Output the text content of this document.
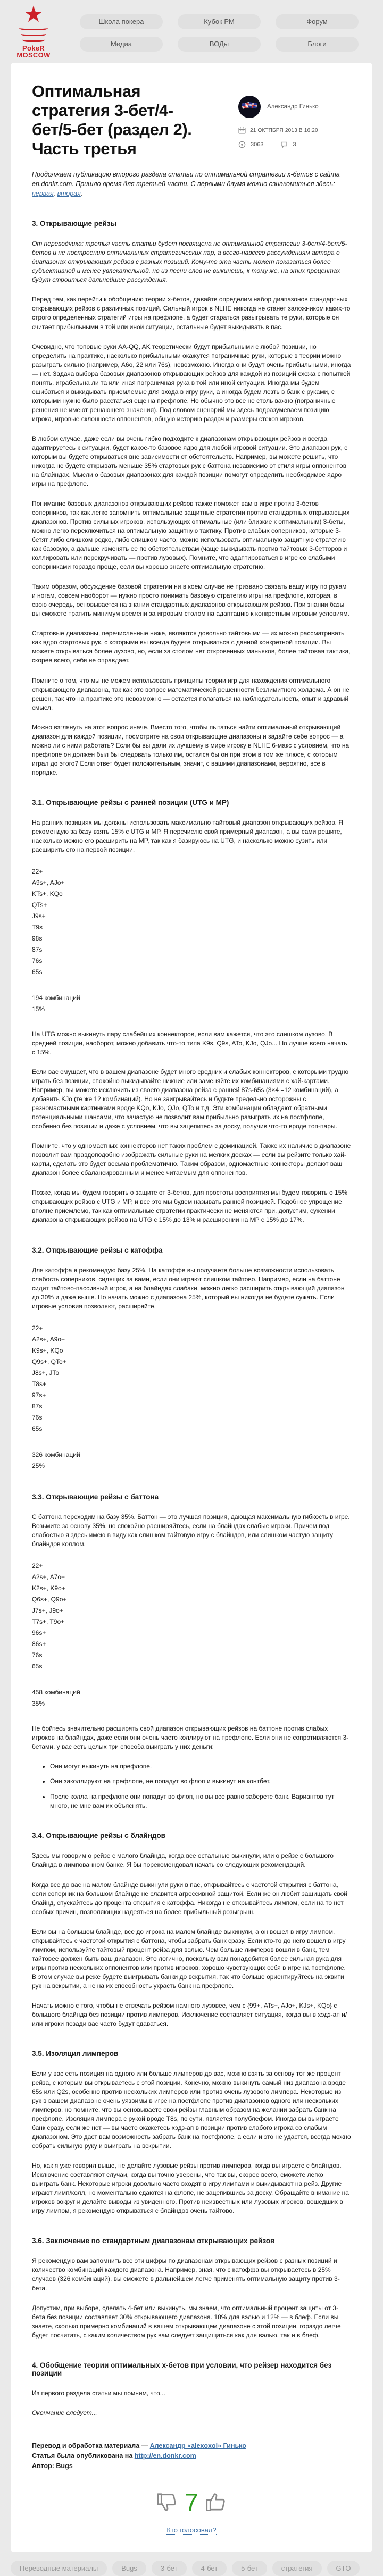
★
PokeR
MOSCOW
Школа покера	Кубок РМ	Форум
Медиа	ВОДы	Блоги
Оптимальная стратегия 3-бет/4-бет/5-бет (раздел 2). Часть третья
Александр Гинько
21 ОКТЯБРЯ 2013 В 16:20
3063	3

Продолжаем публикацию второго раздела статьи по оптимальной стратегии x-бетов с сайта en.donkr.com. Пришло время для третьей части. С первыми двумя можно ознакомиться здесь: первая, вторая.

3. Открывающие рейзы

От переводчика: третья часть статьи будет посвящена не оптимальной стратегии 3-бет/4-бет/5-бетов и не построению оптимальных стратегических пар, а всего-навсего рассуждениям автора о диапазонах открывающих рейзов с разных позиций. Кому-то эта часть может показаться более субъективной и менее увлекательной, но из песни слов не выкинешь, к тому же, на этих процентах будут строиться дальнейшие рассуждения.

Перед тем, как перейти к обобщению теории x-бетов, давайте определим набор диапазонов стандартных открывающих рейзов с различных позиций. Сильный игрок в NLHE никогда не станет заложником каких-то строго определенных стратегий игры на префлопе, а будет стараться разыгрывать те руки, которые он считает прибыльными в той или иной ситуации, остальные будет выкидывать в пас.

Очевидно, что топовые руки AA-QQ, AK теоретически будут прибыльными с любой позиции, но определить на практике, насколько прибыльными окажутся пограничные руки, которые в теории можно разыграть сильно (например, A6o, 22 или 76s), невозможно. Иногда они будут очень прибыльными, иногда — нет. Задача выбора базовых диапазонов открывающих рейзов для каждой из позиций схожа с попыткой понять, играбельна ли та или иная пограничная рука в той или иной ситуации. Иногда мы будем ошибаться и выкидывать приемлемые для входа в игру руки, а иногда будем лезть в банк с руками, с которыми нужно было расстаться еще на префлопе. Но обычно это все не столь важно (пограничные решения не имеют решающего значения). Под словом сценарий мы здесь подразумеваем позицию игрока, игровые склонности оппонентов, общую историю раздач и размеры стеков игроков.

В любом случае, даже если вы очень гибко подходите к диапазонам открывающих рейзов и всегда адаптируетесь к ситуации, будет какое-то базовое ядро для любой игровой ситуации. Это диапазон рук, с которым вы будете открываться вне зависимости от обстоятельств. Например, вы можете решить, что никогда не будете открывать меньше 35% стартовых рук с баттона независимо от стиля игры оппонентов на блайндах. Мысли о базовых диапазонах для каждой позиции помогут определить необходимое ядро игры на префлопе.

Понимание базовых диапазонов открывающих рейзов также поможет вам в игре против 3-бетов соперников, так как легко запомнить оптимальные защитные стратегии против стандартных открывающих диапазонов. Против сильных игроков, использующих оптимальные (или близкие к оптимальным) 3-беты, можно легко переключиться на оптимальную защитную тактику. Против слабых соперников, которые 3-бетят либо слишком редко, либо слишком часто, можно использовать оптимальную защитную стратегию как базовую, а дальше изменять ее по обстоятельствам (чаще выкидывать против тайтовых 3-бетторов и коллировать или перекручивать — против лузовых). Помните, что адаптироваться в игре со слабыми соперниками гораздо проще, если вы хорошо знаете оптимальную стратегию.

Таким образом, обсуждение базовой стратегии ни в коем случае не призвано связать вашу игру по рукам и ногам, совсем наоборот — нужно просто понимать базовую стратегию игры на префлопе, которая, в свою очередь, основывается на знании стандартных диапазонов открывающих рейзов. При знании базы вы сможете тратить минимум времени за игровым столом на адаптацию к конкретным игровым условиям.

Стартовые диапазоны, перечисленные ниже, являются довольно тайтовыми — их можно рассматривать как ядро стартовых рук, с которыми вы всегда будете открываться с данной конкретной позиции. Вы можете открываться более лузово, но, если за столом нет откровенных маньяков, более тайтовая тактика, скорее всего, себя не оправдает.

Помните о том, что мы не можем использовать принципы теории игр для нахождения оптимального открывающего диапазона, так как это вопрос математической решенности безлимитного холдема. А он не решен, так что на практике это невозможно — остается полагаться на наблюдательность, опыт и здравый смысл.

Можно взглянуть на этот вопрос иначе. Вместо того, чтобы пытаться найти оптимальный открывающий диапазон для каждой позиции, посмотрите на свои открывающие диапазоны и задайте себе вопрос — а можно ли с ними работать? Если бы вы дали их лучшему в мире игроку в NLHE 6-макс с условием, что на префлопе он должен был бы следовать только им, остался бы он при этом в том же плюсе, с которым играл до этого? Если ответ будет положительным, значит, с вашими диапазонами, вероятно, все в порядке.

3.1. Открывающие рейзы с ранней позиции (UTG и MP)

На ранних позициях мы должны использовать максимально тайтовый диапазон открывающих рейзов. Я рекомендую за базу взять 15% с UTG и MP. Я перечислю свой примерный диапазон, а вы сами решите, насколько можно его расширить на MP, так как я базируюсь на UTG, и насколько можно сузить или расширить его на первой позиции.

22+
A9s+, AJo+
KTs+, KQo
QTs+
J9s+
T9s
98s
87s
76s
65s
194 комбинаций
15%

На UTG можно выкинуть пару слабейших коннекторов, если вам кажется, что это слишком лузово. В средней позиции, наоборот, можно добавить что-то типа K9s, Q9s, ATo, KJo, QJo... Но лучше всего начать с 15%.

Если вас смущает, что в вашем диапазоне будет много средних и слабых коннекторов, с которыми трудно играть без позиции, спокойно выкидывайте нижние или заменяйте их комбинациями с хай-картами. Например, вы можете исключить из своего диапазона рейза с ранней 87s-65s (3×4 =12 комбинаций), а добавить KJo (те же 12 комбинаций). Но не заигрывайтесь и будьте предельно осторожны с разномастными картинками вроде KQo, KJo, QJo, QTo и т.д. Эти комбинации обладают обратными потенциальными шансами, что зачастую не позволит вам прибыльно разыграть их на постфлопе, особенно без позиции и даже с условием, что вы зацепитесь за доску, получив что-то вроде топ-пары.

Помните, что у одномастных коннекторов нет таких проблем с доминацией. Также их наличие в диапазоне позволит вам правдоподобно изображать сильные руки на мелких досках — если вы рейзите только хай-карты, сделать это будет весьма проблематично. Таким образом, одномастные коннекторы делают ваш диапазон более сбалансированным и менее читаемым для оппонентов.

Позже, когда мы будем говорить о защите от 3-бетов, для простоты восприятия мы будем говорить о 15% открывающих рейзов с UTG и MP, и все это мы будем называть ранней позицией. Подобное упрощение вполне приемлемо, так как оптимальные стратегии практически не меняются при, допустим, сужении диапазона открывающих рейзов на UTG с 15% до 13% и расширении на MP с 15% до 17%.

3.2. Открывающие рейзы с катоффа

Для катоффа я рекомендую базу 25%. На катоффе вы получаете больше возможности использовать слабость соперников, сидящих за вами, если они играют слишком тайтово. Например, если на баттоне сидит тайтово-пассивный игрок, а на блайндах слабаки, можно легко расширить открывающий диапазон до 30% и даже выше. Но начать можно с диапазона 25%, который вы никогда не будете сужать. Если игровые условия позволяют, расширяйте.

22+
A2s+, A9o+
K9s+, KQo
Q9s+, QTo+
J8s+, JTo
T8s+
97s+
87s
76s
65s
326 комбинаций
25%
3.3. Открывающие рейзы с баттона

С баттона переходим на базу 35%. Баттон — это лучшая позиция, дающая максимальную гибкость в игре. Возьмите за основу 35%, но спокойно расширяйтесь, если на блайндах слабые игроки. Причем под слабостью я здесь имею в виду как слишком тайтовую игру с блайндов, или слишком частую защиту блайндов коллом.

22+
A2s+, A7o+
K2s+, K9o+
Q6s+, Q9o+
J7s+, J9o+
T7s+, T9o+
96s+
86s+
76s
65s
458 комбинаций
35%

Не бойтесь значительно расширять свой диапазон открывающих рейзов на баттоне против слабых игроков на блайндах, даже если они очень часто коллируют на префлопе. Если они не сопротивляются 3-бетами, у вас есть целых три способа выиграть у них деньги:

• Они могут выкинуть на префлопе.
• Они заколлируют на префлопе, не попадут во флоп и выкинут на контбет.
• После колла на префлопе они попадут во флоп, но вы все равно заберете банк. Вариантов тут много, не мне вам их объяснять.
3.4. Открывающие рейзы с блайндов

Здесь мы говорим о рейзе с малого блайнда, когда все остальные выкинули, или о рейзе с большого блайнда в лимпованном банке. Я бы порекомендовал начать со следующих рекомендаций.

Когда все до вас на малом блайнде выкинули руки в пас, открывайтесь с частотой открытия с баттона, если соперник на большом блайнде не славится агрессивной защитой. Если же он любит защищать свой блайнд, спускайтесь до процента открытия с катоффа. Никогда не открывайтесь лимпом, если на то нет особых причин, позволяющих надеяться на более прибыльный розыгрыш.

Если вы на большом блайнде, все до игрока на малом блайнде выкинули, а он вошел в игру лимпом, открывайтесь с частотой открытия с баттона, чтобы забрать банк сразу. Если кто-то до него вошел в игру лимпом, используйте тайтовый процент рейза для вэлью. Чем больше лимперов вошли в банк, тем тайтовее должен быть ваш диапазон. Это логично, поскольку вам понадобится более сильная рука для игры против нескольких оппонентов или против игроков, хорошо чувствующих себя в игре на постфлопе. В этом случае вы реже будете выигрывать банки до вскрытия, так что больше ориентируйтесь на эквити рук на вскрытии, а не на их способность украсть банк на префлопе.

Начать можно с того, чтобы не отвечать рейзом намного лузовее, чем с {99+, ATs+, AJo+, KJs+, KQo} с большого блайнда без позиции против лимперов. Исключение составляет ситуация, когда вы в хэдз-ап и/или игроки позади вас часто будут сдаваться.

3.5. Изоляция лимперов

Если у вас есть позиция на одного или больше лимперов до вас, можно взять за основу тот же процент рейза, с которым вы открываетесь с этой позиции. Конечно, можно выкинуть самый низ диапазона вроде 65s или Q2s, особенно против нескольких лимперов или против очень лузового лимпера. Некоторые из рук в вашем диапазоне очень уязвимы в игре на постфлопе против диапазонов одного или нескольких лимперов, но помните, что вы основываете свои рейзы главным образом на желании забрать банк на префлопе. Изоляция лимпера с рукой вроде T8s, по сути, является полублефом. Иногда вы выиграете банк сразу, если же нет — вы часто окажетесь хэдз-ап в позиции против слабого игрока со слабым диапазоном. Это даст вам возможность забрать банк на постфлопе, а если и это не удастся, всегда можно собрать сильную руку и выиграть на вскрытии.

Но, как я уже говорил выше, не делайте лузовые рейзы против лимперов, когда вы играете с блайндов. Исключение составляют случаи, когда вы точно уверены, что так вы, скорее всего, сможете легко выиграть банк. Некоторые игроки довольно часто входят в игру лимпами и выкидывают на рейз. Другие играют лимп/колл, но моментально сдаются на флопе, не зацепившись за доску. Обращайте внимание на игроков вокруг и делайте выводы из увиденного. Против неизвестных или лузовых игроков, вошедших в игру лимпом, я рекомендую открываться с блайндов очень тайтово.

3.6. Заключение по стандартным диапазонам открывающих рейзов

Я рекомендую вам запомнить все эти цифры по диапазонам открывающих рейзов с разных позиций и количество комбинаций каждого диапазона. Например, зная, что с катоффа вы открываетесь в 25% случаев (326 комбинаций), вы сможете в дальнейшем легче применять оптимальную защиту против 3-бета.

Допустим, при выборе, сделать 4-бет или выкинуть, мы знаем, что оптимальный процент защиты от 3-бета без позиции составляет 30% открывающего диапазона. 18% для вэлью и 12% — в блеф. Если вы знаете, сколько примерно комбинаций в вашем открывающем диапазоне с этой позиции, гораздо легче будет посчитать, с каким количеством рук вам следует защищаться как для вэлью, так и в блеф.

4. Обобщение теории оптимальных x-бетов при условии, что рейзер находится без позиции

Из первого раздела статьи мы помним, что...

Окончание следует...

Перевод и обработка материала — Александр «alexoxol» Гинько
Статья была опубликована на http://en.donkr.com
Автор: Bugs
7
Кто голосовал?
Переводные материалы	Bugs	3-бет	4-бет	5-бет	стратегия	GTO
